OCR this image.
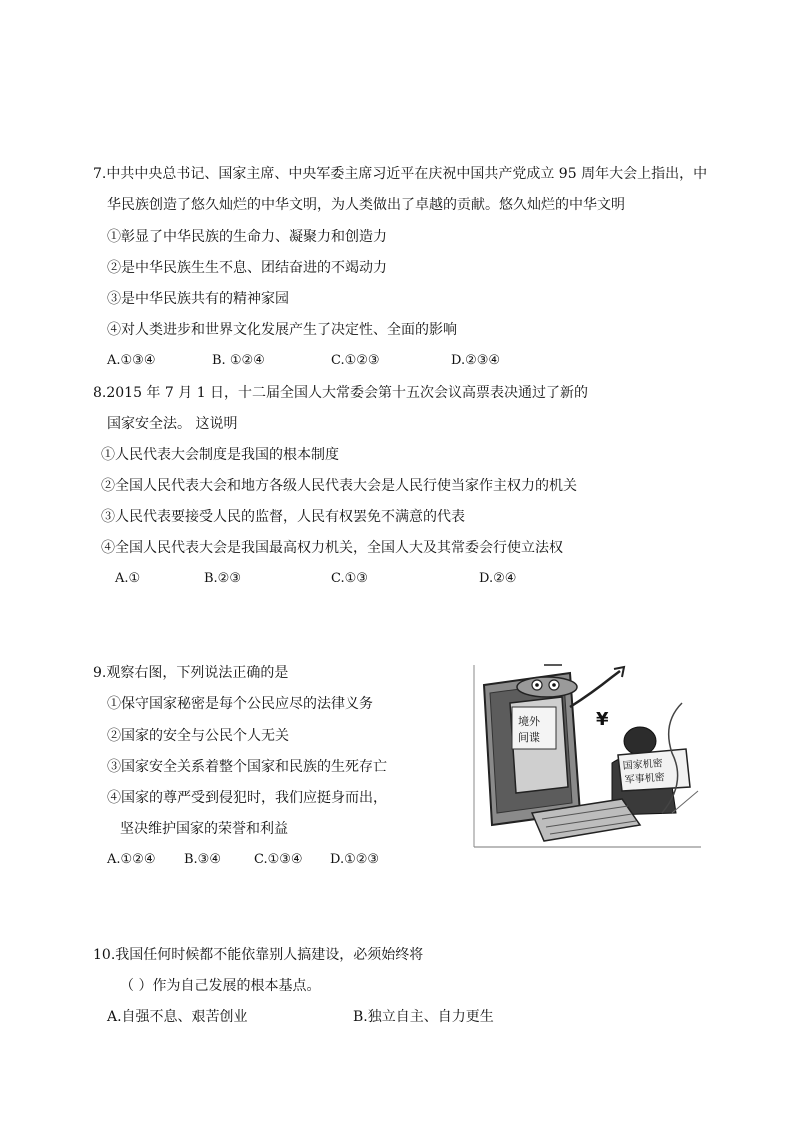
7.中共中央总书记、国家主席、中央军委主席习近平在庆祝中国共产党成立 95 周年大会上指出，中
华民族创造了悠久灿烂的中华文明，为人类做出了卓越的贡献。悠久灿烂的中华文明
①彰显了中华民族的生命力、凝聚力和创造力
②是中华民族生生不息、团结奋进的不竭动力
③是中华民族共有的精神家园
④对人类进步和世界文化发展产生了决定性、全面的影响
A.①③④	B. ①②④	C.①②③	D.②③④
8.2015 年 7 月 1 日，十二届全国人大常委会第十五次会议高票表决通过了新的
国家安全法。 这说明
①人民代表大会制度是我国的根本制度
②全国人民代表大会和地方各级人民代表大会是人民行使当家作主权力的机关
③人民代表要接受人民的监督，人民有权罢免不满意的代表
④全国人民代表大会是我国最高权力机关，全国人大及其常委会行使立法权
A.①	B.②③	C.①③	D.②④
9.观察右图，下列说法正确的是
①保守国家秘密是每个公民应尽的法律义务
②国家的安全与公民个人无关
③国家安全关系着整个国家和民族的生死存亡
④国家的尊严受到侵犯时，我们应挺身而出，
坚决维护国家的荣誉和利益
A.①②④ B.③④	C.①③④ D.①②③
境外
间谍
¥
国家机密
军事机密
10.我国任何时候都不能依靠别人搞建设，必须始终将
（ ）作为自己发展的根本基点。
A.自强不息、艰苦创业	B.独立自主、自力更生
